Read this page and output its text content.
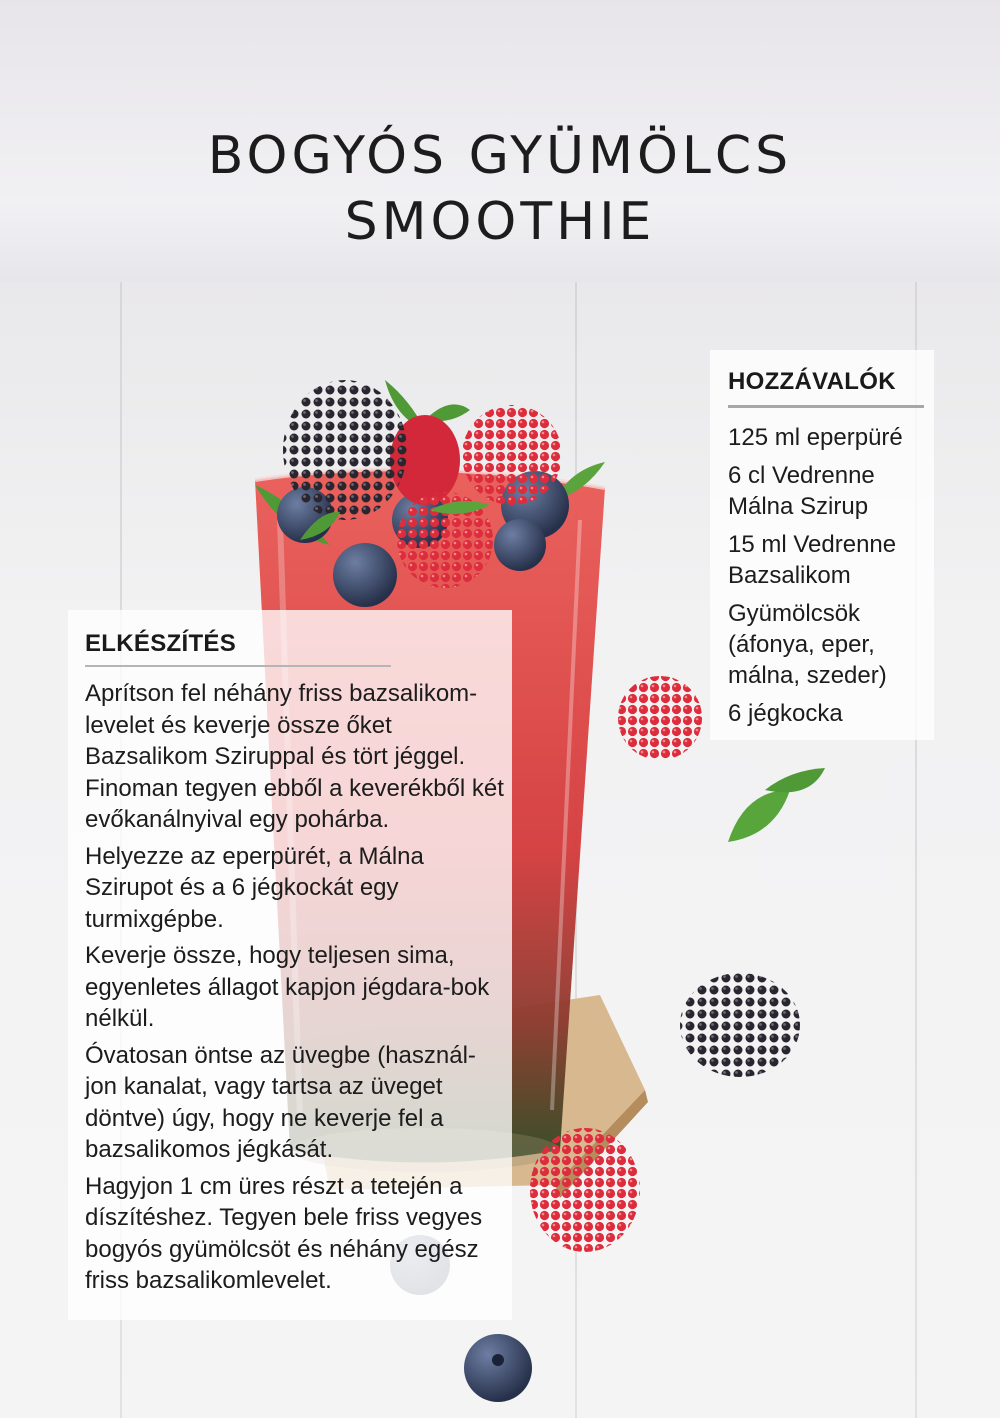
BOGYÓS GYÜMÖLCS
SMOOTHIE
HOZZÁVALÓK
125 ml eperpüré
6 cl Vedrenne Málna Szirup
15 ml Vedrenne Bazsalikom
Gyümölcsök (áfonya, eper, málna, szeder)
6 jégkocka
ELKÉSZÍTÉS

Aprítson fel néhány friss bazsalikom-levelet és keverje össze őket Bazsalikom Sziruppal és tört jéggel. Finoman tegyen ebből a keverékből két evőkanálnyival egy pohárba.

Helyezze az eperpürét, a Málna Szirupot és a 6 jégkockát egy turmixgépbe.

Keverje össze, hogy teljesen sima, egyenletes állagot kapjon jégdara-bok nélkül.

Óvatosan öntse az üvegbe (használ-jon kanalat, vagy tartsa az üveget döntve) úgy, hogy ne keverje fel a bazsalikomos jégkását.

Hagyjon 1 cm üres részt a tetején a díszítéshez. Tegyen bele friss vegyes bogyós gyümölcsöt és néhány egész friss bazsalikomlevelet.
